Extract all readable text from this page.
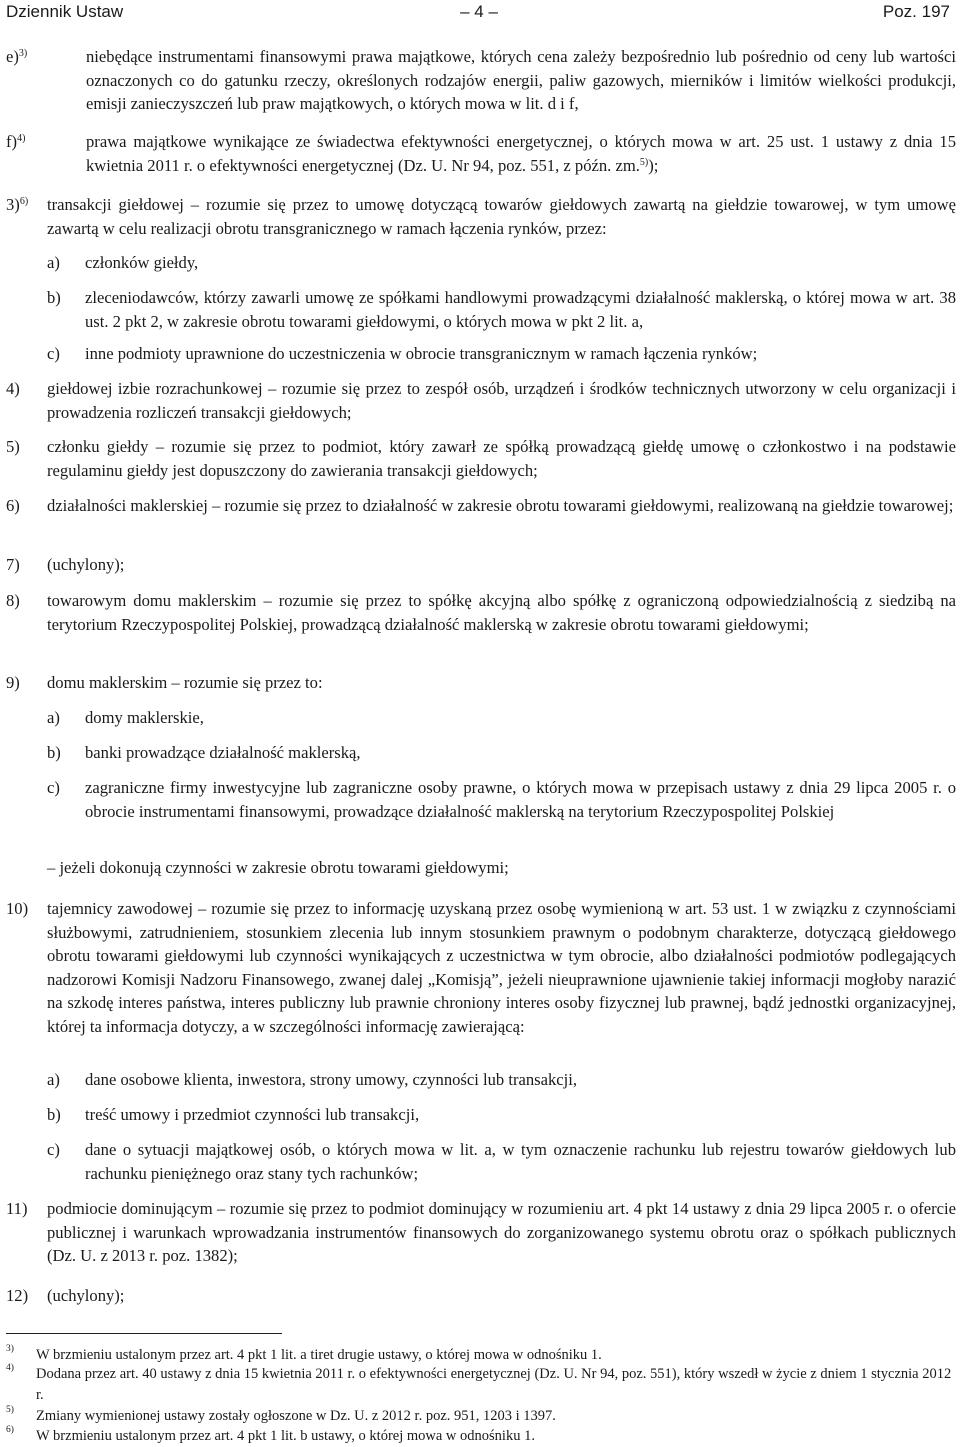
Dziennik Ustaw	– 4 –	Poz. 197
e)$^{3)}$	niebędące instrumentami finansowymi prawa majątkowe, których cena zależy bezpośrednio lub pośrednio od ceny lub wartości oznaczonych co do gatunku rzeczy, określonych rodzajów energii, paliw gazowych, mierników i limitów wielkości produkcji, emisji zanieczyszczeń lub praw majątkowych, o których mowa w lit. d i f,
f)$^{4)}$	prawa majątkowe wynikające ze świadectwa efektywności energetycznej, o których mowa w art. 25 ust. 1 ustawy z dnia 15 kwietnia 2011 r. o efektywności energetycznej (Dz. U. Nr 94, poz. 551, z późn. zm.$^{5)}$);
3)$^{6)}$	transakcji giełdowej – rozumie się przez to umowę dotyczącą towarów giełdowych zawartą na giełdzie towarowej, w tym umowę zawartą w celu realizacji obrotu transgranicznego w ramach łączenia rynków, przez:
a)	członków giełdy,
b)	zleceniodawców, którzy zawarli umowę ze spółkami handlowymi prowadzącymi działalność maklerską, o której mowa w art. 38 ust. 2 pkt 2, w zakresie obrotu towarami giełdowymi, o których mowa w pkt 2 lit. a,
c)	inne podmioty uprawnione do uczestniczenia w obrocie transgranicznym w ramach łączenia rynków;
4)	giełdowej izbie rozrachunkowej – rozumie się przez to zespół osób, urządzeń i środków technicznych utworzony w celu organizacji i prowadzenia rozliczeń transakcji giełdowych;
5)	członku giełdy – rozumie się przez to podmiot, który zawarł ze spółką prowadzącą giełdę umowę o członkostwo i na podstawie regulaminu giełdy jest dopuszczony do zawierania transakcji giełdowych;
6)	działalności maklerskiej – rozumie się przez to działalność w zakresie obrotu towarami giełdowymi, realizowaną na giełdzie towarowej;
7)	(uchylony);
8)	towarowym domu maklerskim – rozumie się przez to spółkę akcyjną albo spółkę z ograniczoną odpowiedzialnością z siedzibą na terytorium Rzeczypospolitej Polskiej, prowadzącą działalność maklerską w zakresie obrotu towarami giełdowymi;
9)	domu maklerskim – rozumie się przez to:
a)	domy maklerskie,
b)	banki prowadzące działalność maklerską,
c)	zagraniczne firmy inwestycyjne lub zagraniczne osoby prawne, o których mowa w przepisach ustawy z dnia 29 lipca 2005 r. o obrocie instrumentami finansowymi, prowadzące działalność maklerską na terytorium Rzeczypospolitej Polskiej
– jeżeli dokonują czynności w zakresie obrotu towarami giełdowymi;
10)	tajemnicy zawodowej – rozumie się przez to informację uzyskaną przez osobę wymienioną w art. 53 ust. 1 w związku z czynnościami służbowymi, zatrudnieniem, stosunkiem zlecenia lub innym stosunkiem prawnym o podobnym charakterze, dotyczącą giełdowego obrotu towarami giełdowymi lub czynności wynikających z uczestnictwa w tym obrocie, albo działalności podmiotów podlegających nadzorowi Komisji Nadzoru Finansowego, zwanej dalej „Komisją”, jeżeli nieuprawnione ujawnienie takiej informacji mogłoby narazić na szkodę interes państwa, interes publiczny lub prawnie chroniony interes osoby fizycznej lub prawnej, bądź jednostki organizacyjnej, której ta informacja dotyczy, a w szczególności informację zawierającą:
a)	dane osobowe klienta, inwestora, strony umowy, czynności lub transakcji,
b)	treść umowy i przedmiot czynności lub transakcji,
c)	dane o sytuacji majątkowej osób, o których mowa w lit. a, w tym oznaczenie rachunku lub rejestru towarów giełdowych lub rachunku pieniężnego oraz stany tych rachunków;
11)	podmiocie dominującym – rozumie się przez to podmiot dominujący w rozumieniu art. 4 pkt 14 ustawy z dnia 29 lipca 2005 r. o ofercie publicznej i warunkach wprowadzania instrumentów finansowych do zorganizowanego systemu obrotu oraz o spółkach publicznych (Dz. U. z 2013 r. poz. 1382);
12)	(uchylony);
3) W brzmieniu ustalonym przez art. 4 pkt 1 lit. a tiret drugie ustawy, o której mowa w odnośniku 1.
4) Dodana przez art. 40 ustawy z dnia 15 kwietnia 2011 r. o efektywności energetycznej (Dz. U. Nr 94, poz. 551), który wszedł w życie z dniem 1 stycznia 2012 r.
5) Zmiany wymienionej ustawy zostały ogłoszone w Dz. U. z 2012 r. poz. 951, 1203 i 1397.
6) W brzmieniu ustalonym przez art. 4 pkt 1 lit. b ustawy, o której mowa w odnośniku 1.
